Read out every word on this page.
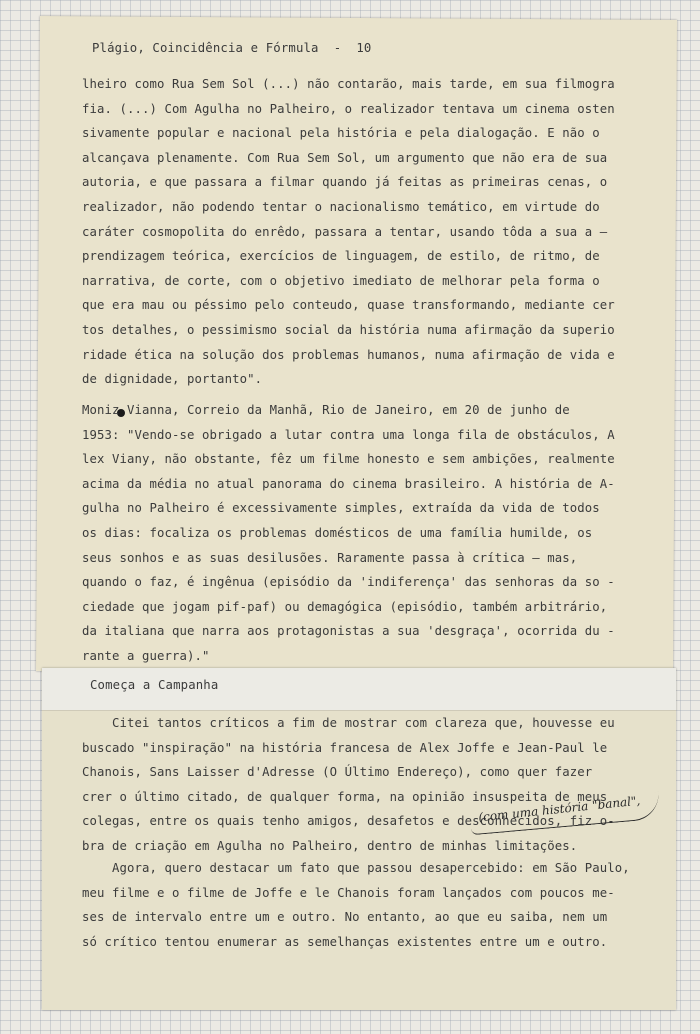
Plágio, Coincidência e Fórmula  -  10
lheiro como Rua Sem Sol (...) não contarão, mais tarde, em sua filmogra
fia. (...) Com Agulha no Palheiro, o realizador tentava um cinema osten
sivamente popular e nacional pela história e pela dialogação. E não o
alcançava plenamente. Com Rua Sem Sol, um argumento que não era de sua
autoria, e que passara a filmar quando já feitas as primeiras cenas, o
realizador, não podendo tentar o nacionalismo temático, em virtude do
caráter cosmopolita do enrêdo, passara a tentar, usando tôda a sua a —
prendizagem teórica, exercícios de linguagem, de estilo, de ritmo, de
narrativa, de corte, com o objetivo imediato de melhorar pela forma o
que era mau ou péssimo pelo conteudo, quase transformando, mediante cer
tos detalhes, o pessimismo social da história numa afirmação da superio
ridade ética na solução dos problemas humanos, numa afirmação de vida e
de dignidade, portanto".
Moniz Vianna, Correio da Manhã, Rio de Janeiro, em 20 de junho de
1953: "Vendo-se obrigado a lutar contra uma longa fila de obstáculos, A
lex Viany, não obstante, fêz um filme honesto e sem ambições, realmente
acima da média no atual panorama do cinema brasileiro. A história de A-
gulha no Palheiro é excessivamente simples, extraída da vida de todos
os dias: focaliza os problemas domésticos de uma família humilde, os
seus sonhos e as suas desilusões. Raramente passa à crítica — mas,
quando o faz, é ingênua (episódio da 'indiferença' das senhoras da so -
ciedade que jogam pif-paf) ou demagógica (episódio, também arbitrário,
da italiana que narra aos protagonistas a sua 'desgraça', ocorrida du -
rante a guerra)."
Começa a Campanha
Citei tantos críticos a fim de mostrar com clareza que, houvesse eu
buscado "inspiração" na história francesa de Alex Joffe e Jean-Paul le
Chanois, Sans Laisser d'Adresse (O Último Endereço), como quer fazer
crer o último citado, de qualquer forma, na opinião insuspeita de meus
colegas, entre os quais tenho amigos, desafetos e desconhecidos, fiz o-
bra de criação em Agulha no Palheiro, dentro de minhas limitações.
(com uma história "banal",
Agora, quero destacar um fato que passou desapercebido: em São Paulo,
meu filme e o filme de Joffe e le Chanois foram lançados com poucos me-
ses de intervalo entre um e outro. No entanto, ao que eu saiba, nem um
só crítico tentou enumerar as semelhanças existentes entre um e outro.
